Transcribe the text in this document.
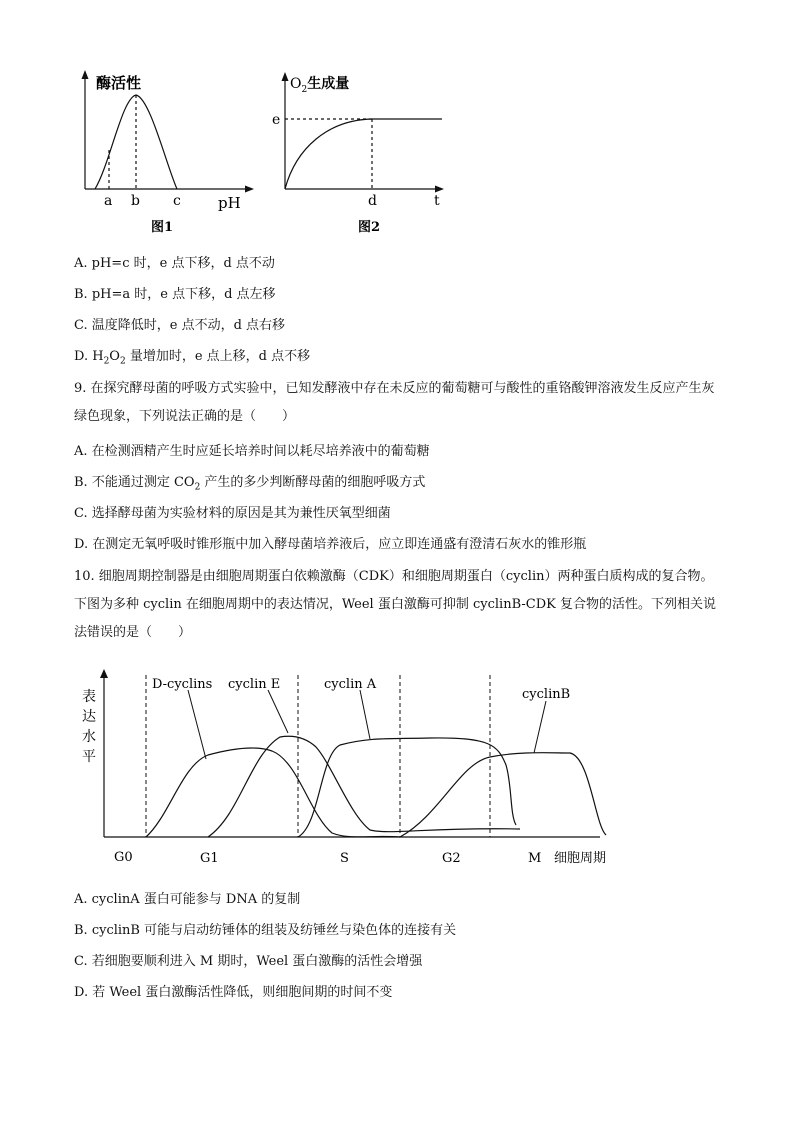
酶活性
a b c pH
图1
$O_2$生成量
e
d	t
图2
A. pH=c 时，e 点下移，d 点不动
B. pH=a 时，e 点下移，d 点左移
C. 温度降低时，e 点不动，d 点右移
D. $H_2O_2$ 量增加时，e 点上移，d 点不移
9. 在探究酵母菌的呼吸方式实验中，已知发酵液中存在未反应的葡萄糖可与酸性的重铬酸钾溶液发生反应产生灰绿色现象，下列说法正确的是（　　）
A. 在检测酒精产生时应延长培养时间以耗尽培养液中的葡萄糖
B. 不能通过测定 $CO_2$ 产生的多少判断酵母菌的细胞呼吸方式
C. 选择酵母菌为实验材料的原因是其为兼性厌氧型细菌
D. 在测定无氧呼吸时锥形瓶中加入酵母菌培养液后，应立即连通盛有澄清石灰水的锥形瓶
10. 细胞周期控制器是由细胞周期蛋白依赖激酶（CDK）和细胞周期蛋白（cyclin）两种蛋白质构成的复合物。下图为多种 cyclin 在细胞周期中的表达情况，Weel 蛋白激酶可抑制 cyclinB-CDK 复合物的活性。下列相关说法错误的是（　　）
表
达
水
平
D-cyclins cyclin E	cyclin A
cyclinB
G0	G1	S	G2	M 细胞周期
A. cyclinA 蛋白可能参与 DNA 的复制
B. cyclinB 可能与启动纺锤体的组装及纺锤丝与染色体的连接有关
C. 若细胞要顺利进入 M 期时，Weel 蛋白激酶的活性会增强
D. 若 Weel 蛋白激酶活性降低，则细胞间期的时间不变
